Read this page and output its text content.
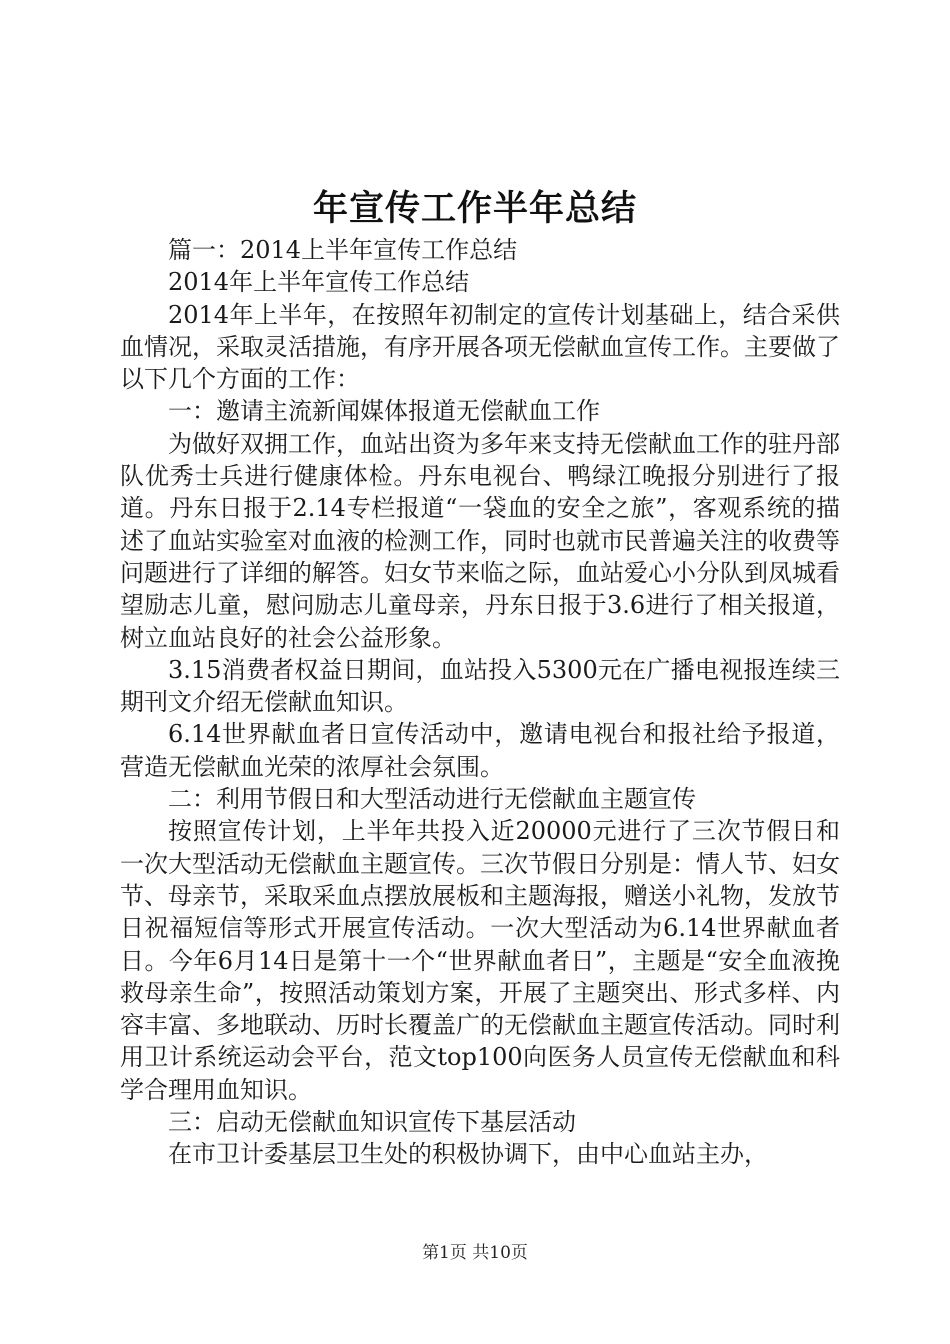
年宣传工作半年总结

篇一：2014上半年宣传工作总结

2014年上半年宣传工作总结

2014年上半年，在按照年初制定的宣传计划基础上，结合采供血情况，采取灵活措施，有序开展各项无偿献血宣传工作。主要做了以下几个方面的工作：

一：邀请主流新闻媒体报道无偿献血工作

为做好双拥工作，血站出资为多年来支持无偿献血工作的驻丹部队优秀士兵进行健康体检。丹东电视台、鸭绿江晚报分别进行了报道。丹东日报于2.14专栏报道“一袋血的安全之旅”，客观系统的描述了血站实验室对血液的检测工作，同时也就市民普遍关注的收费等问题进行了详细的解答。妇女节来临之际，血站爱心小分队到凤城看望励志儿童，慰问励志儿童母亲，丹东日报于3.6进行了相关报道，树立血站良好的社会公益形象。

3.15消费者权益日期间，血站投入5300元在广播电视报连续三期刊文介绍无偿献血知识。

6.14世界献血者日宣传活动中，邀请电视台和报社给予报道，营造无偿献血光荣的浓厚社会氛围。

二：利用节假日和大型活动进行无偿献血主题宣传

按照宣传计划，上半年共投入近20000元进行了三次节假日和一次大型活动无偿献血主题宣传。三次节假日分别是：情人节、妇女节、母亲节，采取采血点摆放展板和主题海报，赠送小礼物，发放节日祝福短信等形式开展宣传活动。一次大型活动为6.14世界献血者日。今年6月14日是第十一个“世界献血者日”，主题是“安全血液挽救母亲生命”，按照活动策划方案，开展了主题突出、形式多样、内容丰富、多地联动、历时长覆盖广的无偿献血主题宣传活动。同时利用卫计系统运动会平台，范文top100向医务人员宣传无偿献血和科学合理用血知识。

三：启动无偿献血知识宣传下基层活动

在市卫计委基层卫生处的积极协调下，由中心血站主办，

第1页 共10页
